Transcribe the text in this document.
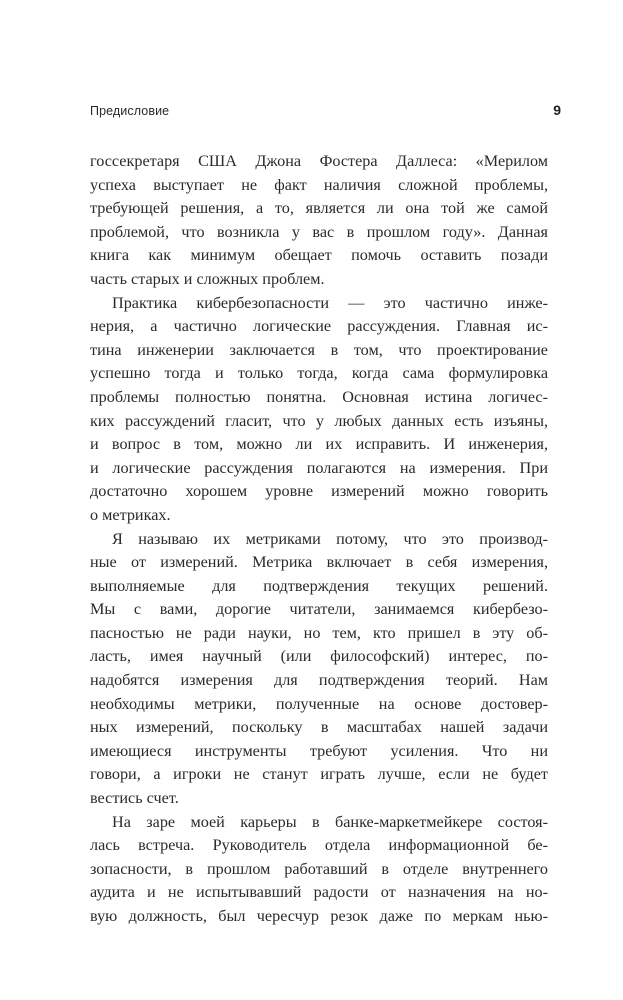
Предисловие	9
госсекретаря США Джона Фостера Даллеса: «Мерилом
успеха выступает не факт наличия сложной проблемы,
требующей решения, а то, является ли она той же самой
проблемой, что возникла у вас в прошлом году». Данная
книга как минимум обещает помочь оставить позади
часть старых и сложных проблем.
Практика кибербезопасности — это частично инже-
нерия, а частично логические рассуждения. Главная ис-
тина инженерии заключается в том, что проектирование
успешно тогда и только тогда, когда сама формулировка
проблемы полностью понятна. Основная истина логичес-
ких рассуждений гласит, что у любых данных есть изъяны,
и вопрос в том, можно ли их исправить. И инженерия,
и логические рассуждения полагаются на измерения. При
достаточно хорошем уровне измерений можно говорить
о метриках.
Я называю их метриками потому, что это производ-
ные от измерений. Метрика включает в себя измерения,
выполняемые для подтверждения текущих решений.
Мы с вами, дорогие читатели, занимаемся кибербезо-
пасностью не ради науки, но тем, кто пришел в эту об-
ласть, имея научный (или философский) интерес, по-
надобятся измерения для подтверждения теорий. Нам
необходимы метрики, полученные на основе достовер-
ных измерений, поскольку в масштабах нашей задачи
имеющиеся инструменты требуют усиления. Что ни
говори, а игроки не станут играть лучше, если не будет
вестись счет.
На заре моей карьеры в банке-маркетмейкере состоя-
лась встреча. Руководитель отдела информационной бе-
зопасности, в прошлом работавший в отделе внутреннего
аудита и не испытывавший радости от назначения на но-
вую должность, был чересчур резок даже по меркам нью-
